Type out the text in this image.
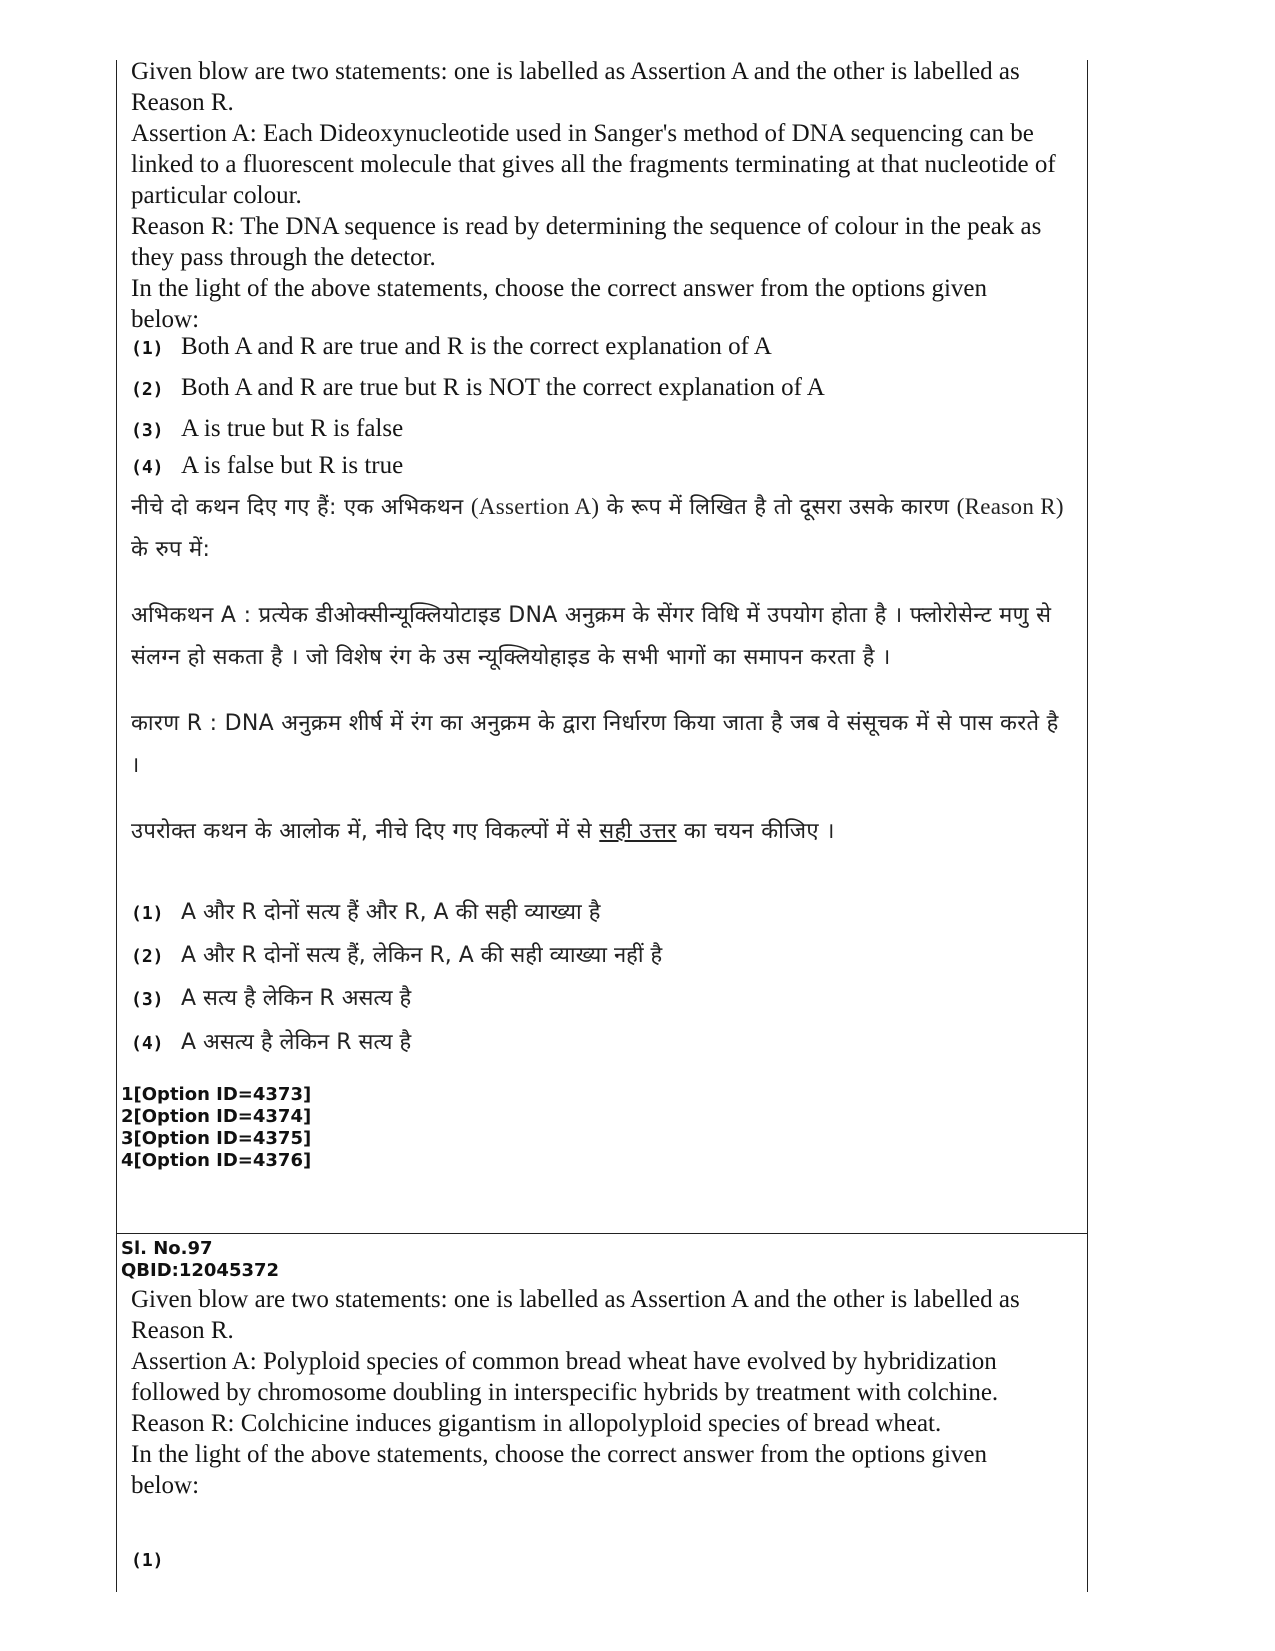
Given blow are two statements: one is labelled as Assertion A and the other is labelled as Reason R.

Assertion A: Each Dideoxynucleotide used in Sanger's method of DNA sequencing can be linked to a fluorescent molecule that gives all the fragments terminating at that nucleotide of particular colour.

Reason R: The DNA sequence is read by determining the sequence of colour in the peak as they pass through the detector.

In the light of the above statements, choose the correct answer from the options given below:

(1) Both A and R are true and R is the correct explanation of A
(2) Both A and R are true but R is NOT the correct explanation of A
(3) A is true but R is false
(4) A is false but R is true

नीचे दो कथन दिए गए हैं: एक अभिकथन (Assertion A) के रूप में लिखित है तो दूसरा उसके कारण (Reason R) के रुप में:

अभिकथन A : प्रत्येक डीओक्सीन्यूक्लियोटाइड DNA अनुक्रम के सेंगर विधि में उपयोग होता है । फ्लोरोसेन्ट मणु से संलग्न हो सकता है । जो विशेष रंग के उस न्यूक्लियोहाइड के सभी भागों का समापन करता है ।

कारण R : DNA अनुक्रम शीर्ष में रंग का अनुक्रम के द्वारा निर्धारण किया जाता है जब वे संसूचक में से पास करते है ।

उपरोक्त कथन के आलोक में, नीचे दिए गए विकल्पों में से सही उत्तर का चयन कीजिए ।

(1) A और R दोनों सत्य हैं और R, A की सही व्याख्या है
(2) A और R दोनों सत्य हैं, लेकिन R, A की सही व्याख्या नहीं है
(3) A सत्य है लेकिन R असत्य है
(4) A असत्य है लेकिन R सत्य है
1[Option ID=4373]
2[Option ID=4374]
3[Option ID=4375]
4[Option ID=4376]
Sl. No.97
QBID:12045372

Given blow are two statements: one is labelled as Assertion A and the other is labelled as Reason R.

Assertion A: Polyploid species of common bread wheat have evolved by hybridization followed by chromosome doubling in interspecific hybrids by treatment with colchine.

Reason R: Colchicine induces gigantism in allopolyploid species of bread wheat.

In the light of the above statements, choose the correct answer from the options given below:

(1)
